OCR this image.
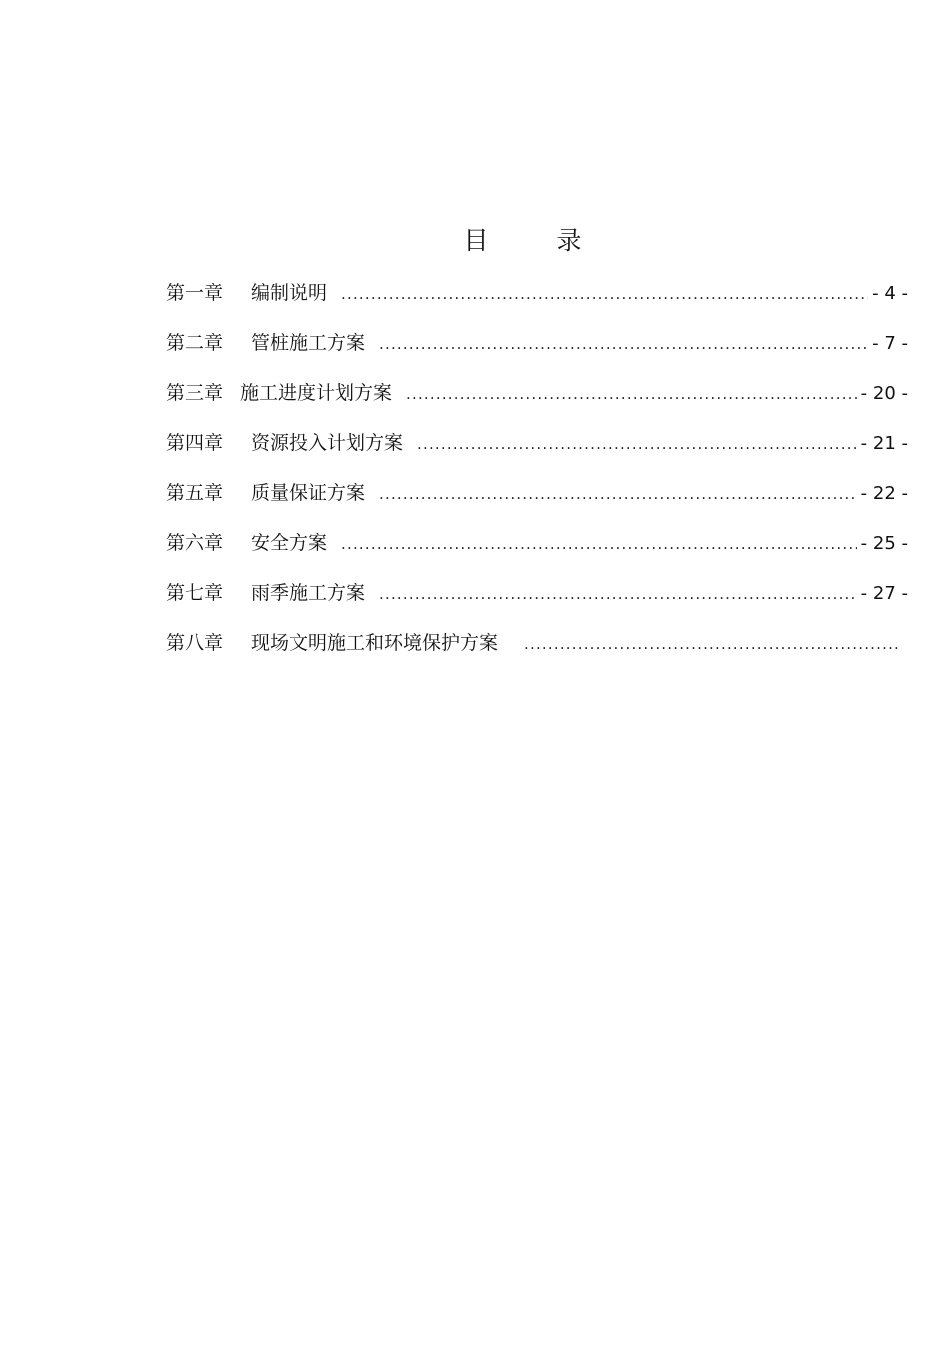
目 录
第一章 编制说明 .....	- 4 -
第二章 管桩施工方案 .....	- 7 -
第三章 施工进度计划方案 .....	- 20 -
第四章 资源投入计划方案 .....	- 21 -
第五章 质量保证方案 .....	- 22 -
第六章 安全方案 .....	- 25 -
第七章 雨季施工方案 .....	- 27 -
第八章 现场文明施工和环境保护方案
.....
